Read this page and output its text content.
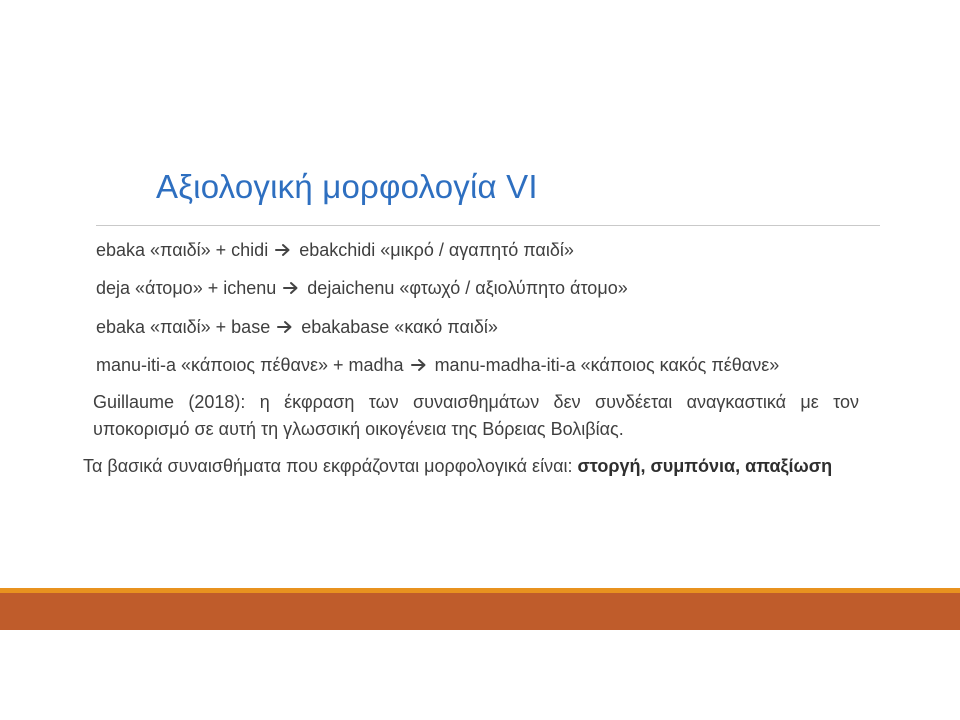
Αξιολογική μορφολογία VI
ebaka «παιδί» + chidi ebakchidi «μικρό / αγαπητό παιδί»
deja «άτομο» + ichenu dejaichenu «φτωχό / αξιολύπητο άτομο»
ebaka «παιδί» + base ebakabase «κακό παιδί»
manu-iti-a «κάποιος πέθανε» + madha manu-madha-iti-a «κάποιος κακός πέθανε»

Guillaume (2018): η έκφραση των συναισθημάτων δεν συνδέεται αναγκαστικά με τον υποκορισμό σε αυτή τη γλωσσική οικογένεια της Βόρειας Βολιβίας.

Τα βασικά συναισθήματα που εκφράζονται μορφολογικά είναι: στοργή, συμπόνια, απαξίωση
